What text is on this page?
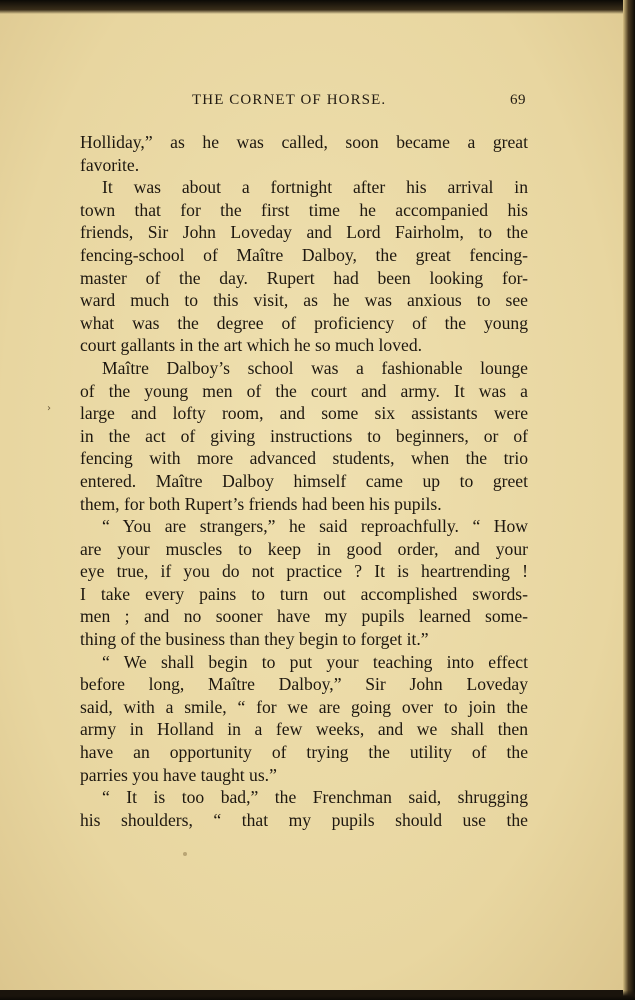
THE CORNET OF HORSE.	69
Holliday,” as he was called, soon became a great
favorite.
It was about a fortnight after his arrival in
town that for the first time he accompanied his
friends, Sir John Loveday and Lord Fairholm, to the
fencing-school of Maître Dalboy, the great fencing-
master of the day. Rupert had been looking for-
ward much to this visit, as he was anxious to see
what was the degree of proficiency of the young
court gallants in the art which he so much loved.
Maître Dalboy’s school was a fashionable lounge
of the young men of the court and army. It was a
large and lofty room, and some six assistants were
in the act of giving instructions to beginners, or of
fencing with more advanced students, when the trio
entered. Maître Dalboy himself came up to greet
them, for both Rupert’s friends had been his pupils.
“ You are strangers,” he said reproachfully. “ How
are your muscles to keep in good order, and your
eye true, if you do not practice ? It is heartrending !
I take every pains to turn out accomplished swords-
men ; and no sooner have my pupils learned some-
thing of the business than they begin to forget it.”
“ We shall begin to put your teaching into effect
before long, Maître Dalboy,” Sir John Loveday
said, with a smile, “ for we are going over to join the
army in Holland in a few weeks, and we shall then
have an opportunity of trying the utility of the
parries you have taught us.”
“ It is too bad,” the Frenchman said, shrugging
his shoulders, “ that my pupils should use the
›
